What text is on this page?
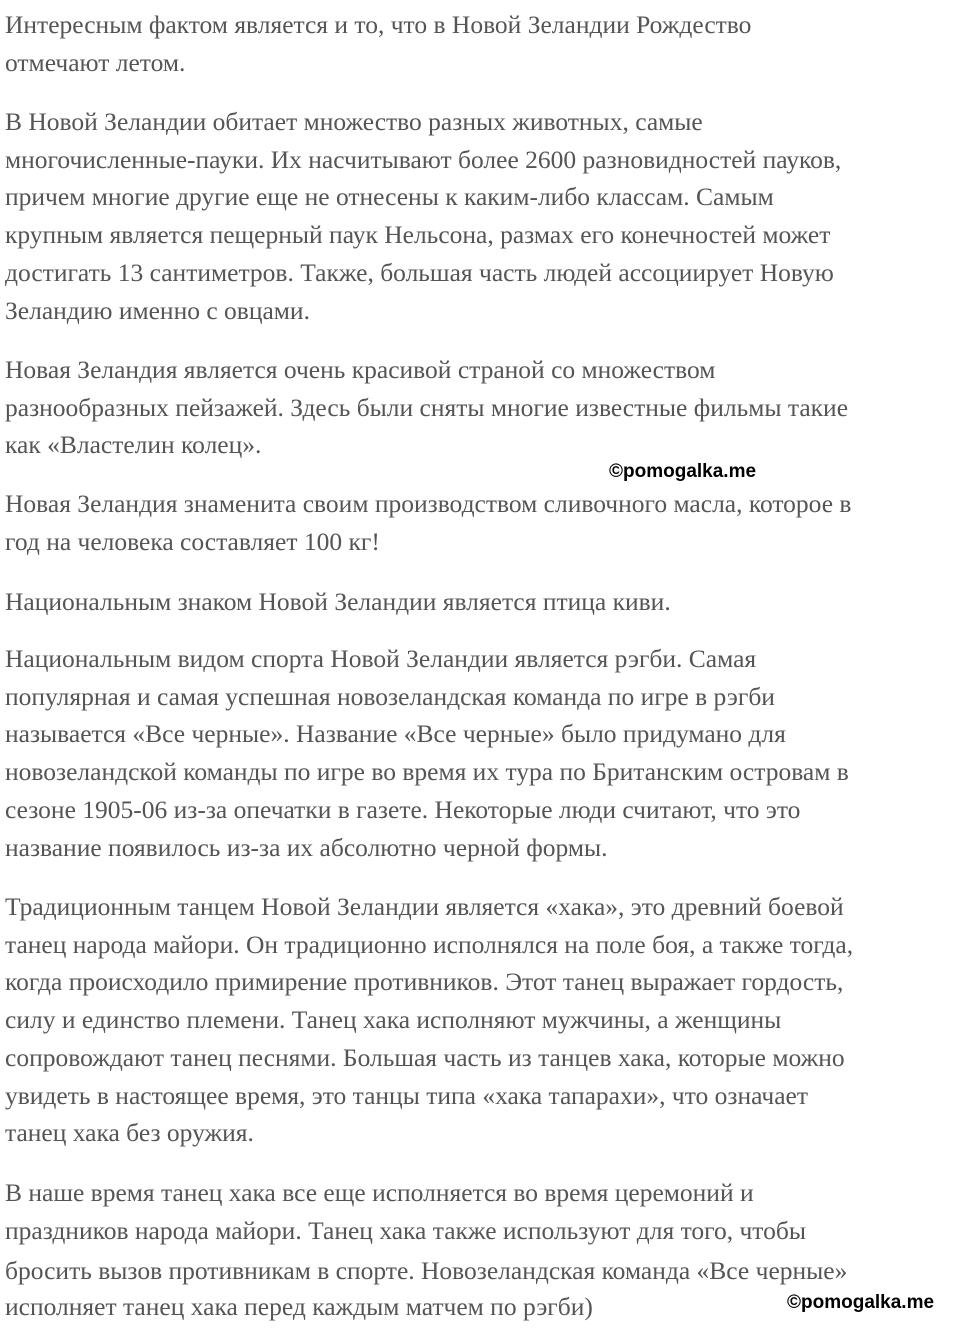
Интересным фактом является и то, что в Новой Зеландии Рождество
отмечают летом.

В Новой Зеландии обитает множество разных животных, самые
многочисленные-пауки. Их насчитывают более 2600 разновидностей пауков,
причем многие другие еще не отнесены к каким-либо классам. Самым
крупным является пещерный паук Нельсона, размах его конечностей может
достигать 13 сантиметров. Также, большая часть людей ассоциирует Новую
Зеландию именно с овцами.

Новая Зеландия является очень красивой страной со множеством
разнообразных пейзажей. Здесь были сняты многие известные фильмы такие
как «Властелин колец».

©pomogalka.me

Новая Зеландия знаменита своим производством сливочного масла, которое в
год на человека составляет 100 кг!

Национальным знаком Новой Зеландии является птица киви.

Национальным видом спорта Новой Зеландии является рэгби. Самая
популярная и самая успешная новозеландская команда по игре в рэгби
называется «Все черные». Название «Все черные» было придумано для
новозеландской команды по игре во время их тура по Британским островам в
сезоне 1905-06 из-за опечатки в газете. Некоторые люди считают, что это
название появилось из-за их абсолютно черной формы.

Традиционным танцем Новой Зеландии является «хака», это древний боевой
танец народа майори. Он традиционно исполнялся на поле боя, а также тогда,
когда происходило примирение противников. Этот танец выражает гордость,
силу и единство племени. Танец хака исполняют мужчины, а женщины
сопровождают танец песнями. Большая часть из танцев хака, которые можно
увидеть в настоящее время, это танцы типа «хака тапарахи», что означает
танец хака без оружия.

В наше время танец хака все еще исполняется во время церемоний и
праздников народа майори. Танец хака также используют для того, чтобы
бросить вызов противникам в спорте. Новозеландская команда «Все черные»
исполняет танец хака перед каждым матчем по рэгби)	©pomogalka.me
